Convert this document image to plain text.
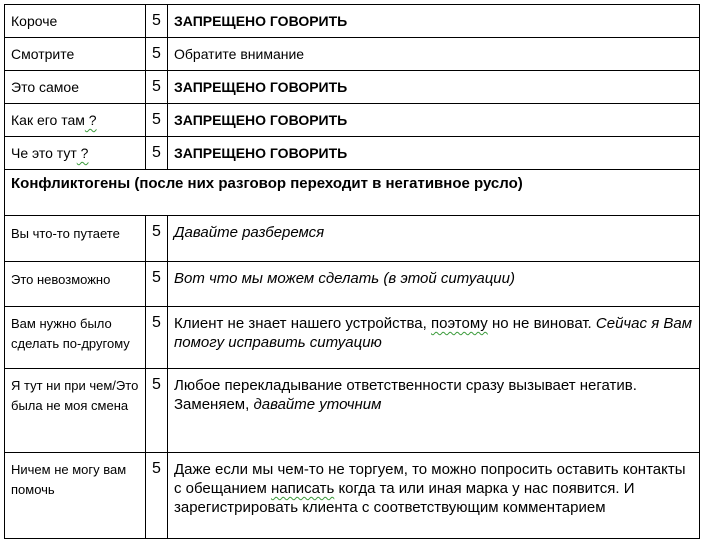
Короче	5	ЗАПРЕЩЕНО ГОВОРИТЬ
Смотрите	5	Обратите внимание
Это самое	5	ЗАПРЕЩЕНО ГОВОРИТЬ
Как его там ?	5	ЗАПРЕЩЕНО ГОВОРИТЬ
Че это тут ?	5	ЗАПРЕЩЕНО ГОВОРИТЬ
Конфликтогены (после них разговор переходит в негативное русло)		
Вы что-то путаете	5	Давайте разберемся
Это невозможно	5	Вот что мы можем сделать (в этой ситуации)
Вам нужно было сделать по-другому	5	Клиент не знает нашего устройства, поэтому но не виноват. Сейчас я Вам помогу исправить ситуацию
Я тут ни при чем/Это была не моя смена	5	Любое перекладывание ответственности сразу вызывает негатив. Заменяем, давайте уточним
Ничем не могу вам помочь	5	Даже если мы чем-то не торгуем, то можно попросить оставить контакты с обещанием написать когда та или иная марка у нас появится. И зарегистрировать клиента с соответствующим комментарием
